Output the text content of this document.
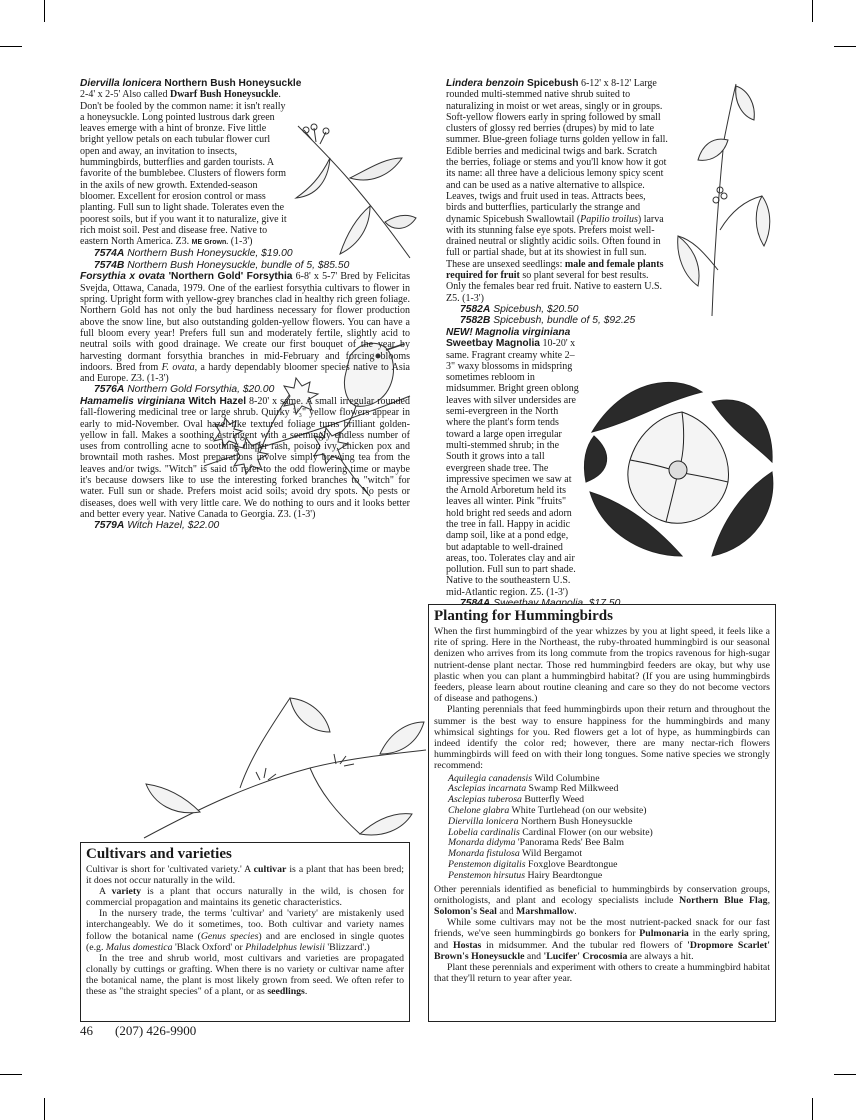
Diervilla lonicera Northern Bush Honeysuckle

2-4' x 2-5' Also called Dwarf Bush Honeysuckle. Don't be fooled by the common name: it isn't really a honeysuckle. Long pointed lustrous dark green leaves emerge with a hint of bronze. Five little bright yellow petals on each tubular flower curl open and away, an invitation to insects, hummingbirds, butterflies and garden tourists. A favorite of the bumblebee. Clusters of flowers form in the axils of new growth. Extended-season bloomer. Excellent for erosion control or mass planting. Full sun to light shade. Tolerates even the poorest soils, but if you want it to naturalize, give it rich moist soil. Pest and disease free. Native to eastern North America. Z3. ME Grown. (1-3')

7574A Northern Bush Honeysuckle, $19.00
7574B Northern Bush Honeysuckle, bundle of 5, $85.50

Forsythia x ovata 'Northern Gold' Forsythia 6-8' x 5-7' Bred by Felicitas Svejda, Ottawa, Canada, 1979. One of the earliest forsythia cultivars to flower in spring. Upright form with yellow-grey branches clad in healthy rich green foliage. Northern Gold has not only the bud hardiness necessary for flower production above the snow line, but also outstanding golden-yellow flowers. You can have a full bloom every year! Prefers full sun and moderately fertile, slightly acid to neutral soils with good drainage. We create our first bouquet of the year by harvesting dormant forsythia branches in mid-February and forcing blooms indoors. Bred from F. ovata, a hardy dependably bloomer species native to Asia and Europe. Z3. (1-3')

7576A Northern Gold Forsythia, $20.00

Hamamelis virginiana Witch Hazel 8-20' x same. A small irregular rounded fall-flowering medicinal tree or large shrub. Quirky ²/₃" yellow flowers appear in early to mid-November. Oval hazel-like textured foliage turns brilliant golden-yellow in fall. Makes a soothing astringent with a seemingly endless number of uses from controlling acne to soothing diaper rash, poison ivy, chicken pox and browntail moth rashes. Most preparations involve simply brewing tea from the leaves and/or twigs. "Witch" is said to refer to the odd flowering time or maybe it's because dowsers like to use the interesting forked branches to "witch" for water. Full sun or shade. Prefers moist acid soils; avoid dry spots. No pests or diseases, does well with very little care. We do nothing to ours and it looks better and better every year. Native Canada to Georgia. Z3. (1-3')

7579A Witch Hazel, $22.00

Lindera benzoin Spicebush 6-12' x 8-12' Large rounded multi-stemmed native shrub suited to naturalizing in moist or wet areas, singly or in groups. Soft-yellow flowers early in spring followed by small clusters of glossy red berries (drupes) by mid to late summer. Blue-green foliage turns golden yellow in fall. Edible berries and medicinal twigs and bark. Scratch the berries, foliage or stems and you'll know how it got its name: all three have a delicious lemony spicy scent and can be used as a native alternative to allspice. Leaves, twigs and fruit used in teas. Attracts bees, birds and butterflies, particularly the strange and dynamic Spicebush Swallowtail (Papilio troilus) larva with its stunning false eye spots. Prefers moist well-drained neutral or slightly acidic soils. Often found in full or partial shade, but at its showiest in full sun. These are unsexed seedlings: male and female plants required for fruit so plant several for best results. Only the females bear red fruit. Native to eastern U.S. Z5. (1-3')

7582A Spicebush, $20.50
7582B Spicebush, bundle of 5, $92.25

NEW! Magnolia virginiana Sweetbay Magnolia 10-20' x same. Fragrant creamy white 2–3" waxy blossoms in midspring sometimes rebloom in midsummer. Bright green oblong leaves with silver undersides are semi-evergreen in the North where the plant's form tends toward a large open irregular multi-stemmed shrub; in the South it grows into a tall evergreen shade tree. The impressive specimen we saw at the Arnold Arboretum held its leaves all winter. Pink "fruits" hold bright red seeds and adorn the tree in fall. Happy in acidic damp soil, like at a pond edge, but adaptable to well-drained areas, too. Tolerates clay and air pollution. Full sun to part shade. Native to the southeastern U.S. mid-Atlantic region. Z5. (1-3')

Cultivars and varieties

Cultivar is short for 'cultivated variety.' A cultivar is a plant that has been bred; it does not occur naturally in the wild.

A variety is a plant that occurs naturally in the wild, is chosen for commercial propagation and maintains its genetic characteristics.

In the nursery trade, the terms 'cultivar' and 'variety' are mistakenly used interchangeably. We do it sometimes, too. Both cultivar and variety names follow the botanical name (Genus species) and are enclosed in single quotes (e.g. Malus domestica 'Black Oxford' or Philadelphus lewisii 'Blizzard'.)

In the tree and shrub world, most cultivars and varieties are propagated clonally by cuttings or grafting. When there is no variety or cultivar name after the botanical name, the plant is most likely grown from seed. We often refer to these as "the straight species" of a plant, or as seedlings.

Planting for Hummingbirds

When the first hummingbird of the year whizzes by you at light speed, it feels like a rite of spring. Here in the Northeast, the ruby-throated hummingbird is our seasonal denizen who arrives from its long commute from the tropics ravenous for high-sugar nutrient-dense plant nectar. Those red hummingbird feeders are okay, but why use plastic when you can plant a hummingbird habitat? (If you are using hummingbirds feeders, please learn about routine cleaning and care so they do not become vectors of disease and pathogens.)

Planting perennials that feed hummingbirds upon their return and throughout the summer is the best way to ensure happiness for the hummingbirds and many whimsical sightings for you. Red flowers get a lot of hype, as hummingbirds can indeed identify the color red; however, there are many nectar-rich flowers hummingbirds will feed on with their long tongues. Some native species we strongly recommend:

Aquilegia canadensis Wild Columbine
Asclepias incarnata Swamp Red Milkweed
Asclepias tuberosa Butterfly Weed
Chelone glabra White Turtlehead (on our website)
Diervilla lonicera Northern Bush Honeysuckle
Lobelia cardinalis Cardinal Flower (on our website)
Monarda didyma 'Panorama Reds' Bee Balm
Monarda fistulosa Wild Bergamot
Penstemon digitalis Foxglove Beardtongue
Penstemon hirsutus Hairy Beardtongue

Other perennials identified as beneficial to hummingbirds by conservation groups, ornithologists, and plant and ecology specialists include Northern Blue Flag, Solomon's Seal and Marshmallow.

While some cultivars may not be the most nutrient-packed snack for our fast friends, we've seen hummingbirds go bonkers for Pulmonaria in the early spring, and Hostas in midsummer. And the tubular red flowers of 'Dropmore Scarlet' Brown's Honeysuckle and 'Lucifer' Crocosmia are always a hit.

Plant these perennials and experiment with others to create a hummingbird habitat that they'll return to year after year.

46 (207) 426-9900
